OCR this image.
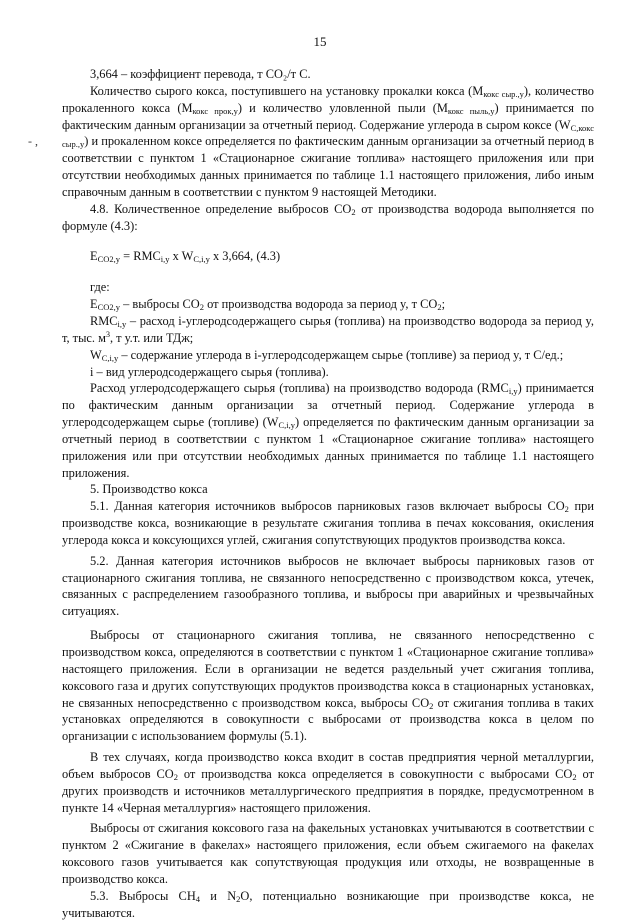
15
- ,

3,664 – коэффициент перевода, т CO₂/т С.

Количество сырого кокса, поступившего на установку прокалки кокса $(M_{кокс сыр.,y})$, количество прокаленного кокса $(M_{кокс прок,y})$ и количество уловленной пыли $(M_{кокс пыль,y})$ принимается по фактическим данным организации за отчетный период. Содержание углерода в сыром коксе $(W_{C,кокс сыр.,y})$ и прокаленном коксе определяется по фактическим данным организации за отчетный период в соответствии с пунктом 1 «Стационарное сжигание топлива» настоящего приложения или при отсутствии необходимых данных принимается по таблице 1.1 настоящего приложения, либо иным справочным данным в соответствии с пунктом 9 настоящей Методики.

4.8. Количественное определение выбросов $CO_2$ от производства водорода выполняется по формуле (4.3):

$E_{CO2,y} = RMC_{i,y}$ x $W_{C,i,y}$ x 3,664, (4.3)

где:

$E_{CO2,y}$ – выбросы $CO_2$ от производства водорода за период y, т $CO_2$;

$RMC_{i,y}$ – расход i-углеродсодержащего сырья (топлива) на производство водорода за период y, т, тыс. $м^3$, т у.т. или ТДж;

$W_{C,i,y}$ – содержание углерода в i-углеродсодержащем сырье (топливе) за период y, т С/ед.;

i – вид углеродсодержащего сырья (топлива).

Расход углеродсодержащего сырья (топлива) на производство водорода $(RMC_{i,y})$ принимается по фактическим данным организации за отчетный период. Содержание углерода в углеродсодержащем сырье (топливе) $(W_{C,i,y})$ определяется по фактическим данным организации за отчетный период в соответствии с пунктом 1 «Стационарное сжигание топлива» настоящего приложения или при отсутствии необходимых данных принимается по таблице 1.1 настоящего приложения.

5. Производство кокса

5.1. Данная категория источников выбросов парниковых газов включает выбросы $CO_2$ при производстве кокса, возникающие в результате сжигания топлива в печах коксования, окисления углерода кокса и коксующихся углей, сжигания сопутствующих продуктов производства кокса.

5.2. Данная категория источников выбросов не включает выбросы парниковых газов от стационарного сжигания топлива, не связанного непосредственно с производством кокса, утечек, связанных с распределением газообразного топлива, и выбросы при аварийных и чрезвычайных ситуациях.

Выбросы от стационарного сжигания топлива, не связанного непосредственно с производством кокса, определяются в соответствии с пунктом 1 «Стационарное сжигание топлива» настоящего приложения. Если в организации не ведется раздельный учет сжигания топлива, коксового газа и других сопутствующих продуктов производства кокса в стационарных установках, не связанных непосредственно с производством кокса, выбросы $CO_2$ от сжигания топлива в таких установках определяются в совокупности с выбросами от производства кокса в целом по организации с использованием формулы (5.1).

В тех случаях, когда производство кокса входит в состав предприятия черной металлургии, объем выбросов $CO_2$ от производства кокса определяется в совокупности с выбросами $CO_2$ от других производств и источников металлургического предприятия в порядке, предусмотренном в пункте 14 «Черная металлургия» настоящего приложения.

Выбросы от сжигания коксового газа на факельных установках учитываются в соответствии с пунктом 2 «Сжигание в факелах» настоящего приложения, если объем сжигаемого на факелах коксового газов учитывается как сопутствующая продукция или отходы, не возвращенные в производство кокса.

5.3. Выбросы $CH_4$ и $N_2O$, потенциально возникающие при производстве кокса, не учитываются.
